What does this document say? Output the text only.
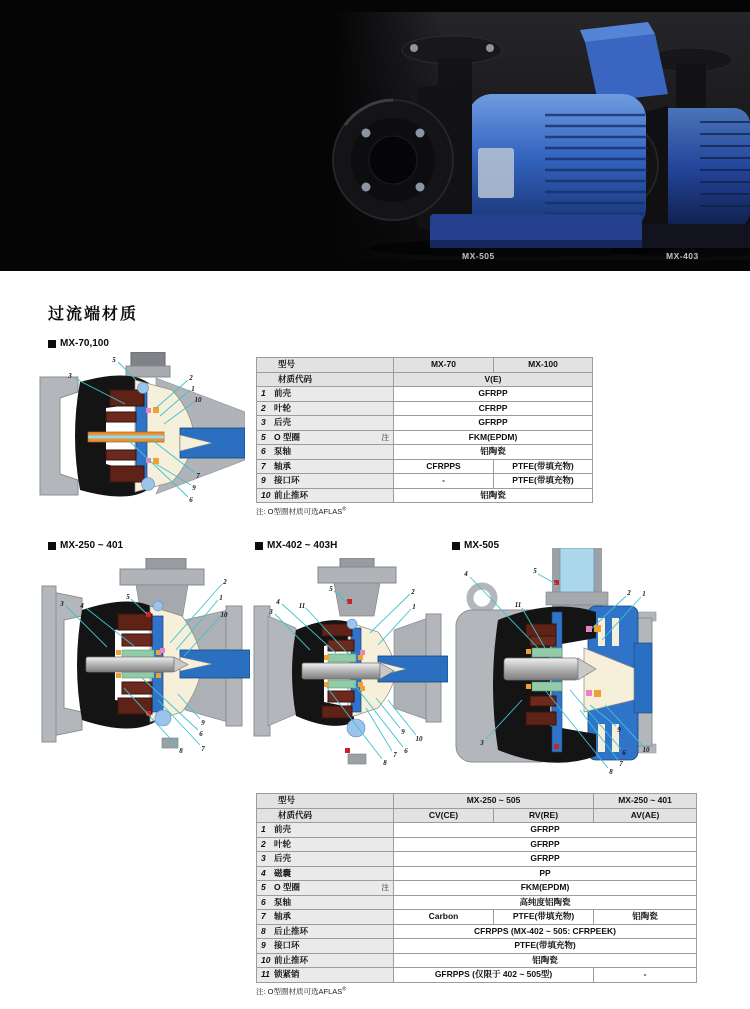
MX-505	MX-403
过流端材质
MX-70,100
5
3	2
1
10
7
9
6
型号	MX-70	MX-100
材质代码	V(E)	
1 前壳	GFRPP	
2 叶轮	CFRPP	
3 后壳	GFRPP	
5 O 型圈 注	FKM(EPDM)	
6 泵轴	铝陶瓷	
7 轴承	CFRPPS	PTFE(带填充物)
9 接口环	-	PTFE(带填充物)
10 前止推环	铝陶瓷	
注: O型圈材质可选AFLAS®
MX-250 ~ 401	MX-402 ~ 403H	MX-505
3 4
5
2
1
10
9
6
7
8
5	2
4	11
3
1
9
10
6
7
8
4	5
11
2 1
3
9
6 10
7
8
型号	MX-250 ~ 505		MX-250 ~ 401
材质代码	CV(CE)	RV(RE)	AV(AE)
1 前壳	GFRPP		
2 叶轮	GFRPP		
3 后壳	GFRPP		
4 磁囊	PP		
5 O 型圈 注	FKM(EPDM)		
6 泵轴	高纯度铝陶瓷		
7 轴承	Carbon	PTFE(带填充物)	铝陶瓷
8 后止推环	CFRPPS (MX-402 ~ 505: CFRPEEK)		
9 接口环	PTFE(带填充物)		
10 前止推环	铝陶瓷		
11 锁紧销	GFRPPS (仅限于 402 ~ 505型)		-
注: O型圈材质可选AFLAS®
